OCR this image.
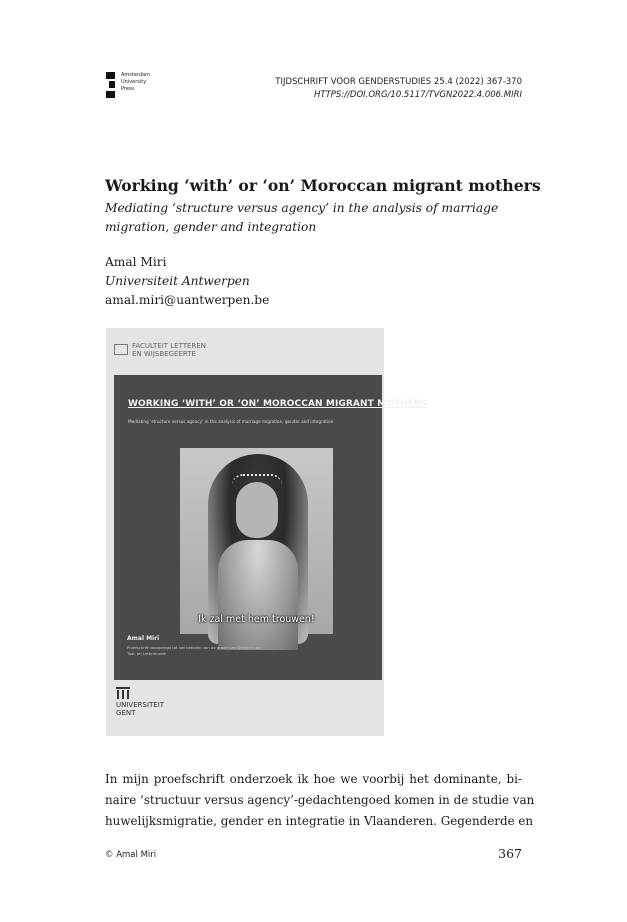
Amsterdam
University
Press
TIJDSCHRIFT VOOR GENDERSTUDIES 25.4 (2022) 367-370
HTTPS://DOI.ORG/10.5117/TVGN2022.4.006.MIRI
Working ‘with’ or ‘on’ Moroccan migrant mothers
Mediating ‘structure versus agency’ in the analysis of marriage migration, gender and integration
Amal Miri
Universiteit Antwerpen
amal.miri@uantwerpen.be
FACULTEIT LETTEREN
EN WIJSBEGEERTE
WORKING ‘WITH’ OR ‘ON’ MOROCCAN MIGRANT MOTHERS
Mediating ‘structure versus agency’ in the analysis of marriage migration, gender and integration
Ik zal met hem trouwen!
Amal Miri
Proefschrift voorgelegd tot het behalen van de graad van Doctor in de Taal- en Letterkunde
UNIVERSITEIT
GENT

In mijn proefschrift onderzoek ik hoe we voorbij het dominante, bi-
naire ‘structuur versus agency’-gedachtengoed komen in de studie van
huwelijksmigratie, gender en integratie in Vlaanderen. Gegenderde en

© Amal Miri	367
